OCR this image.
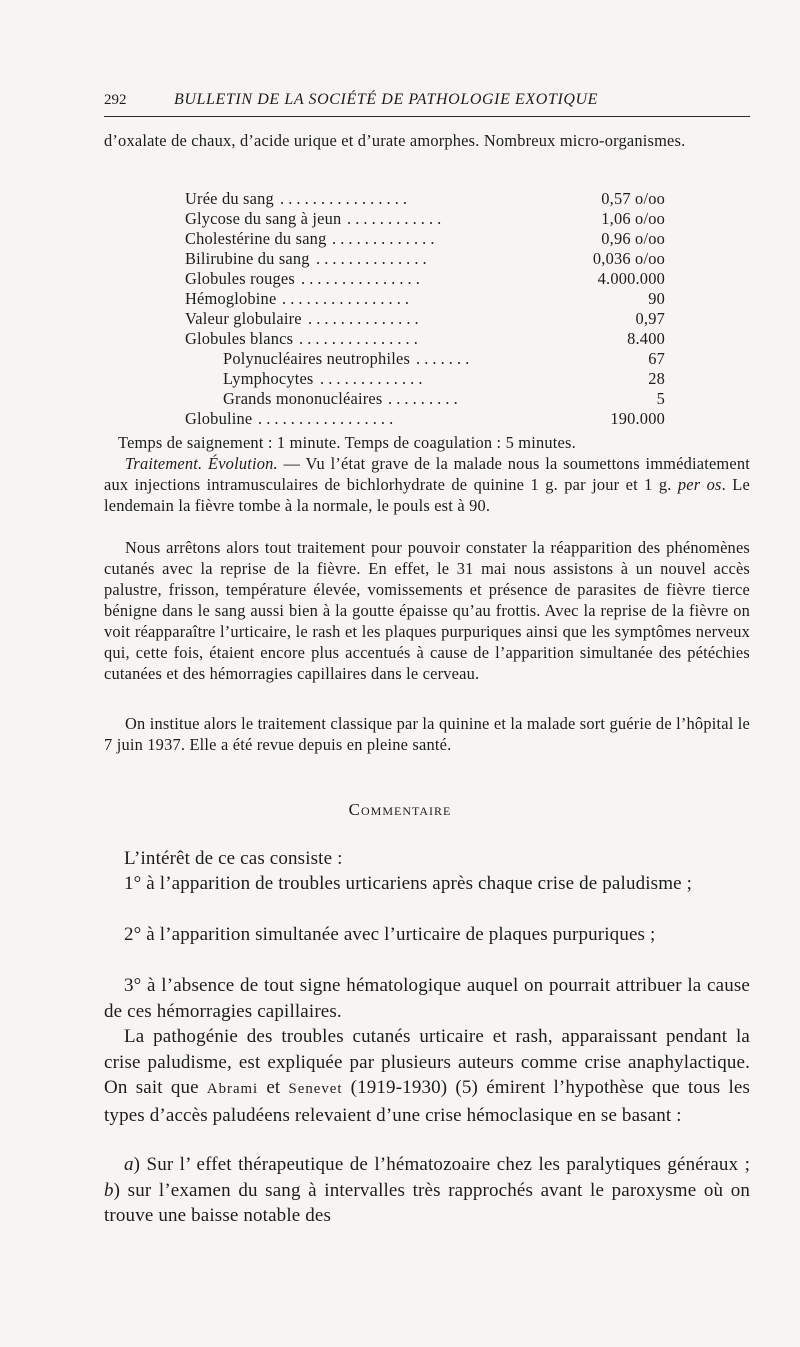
292	BULLETIN DE LA SOCIÉTÉ DE PATHOLOGIE EXOTIQUE

d’oxalate de chaux, d’acide urique et d’urate amorphes. Nombreux micro-organismes.

Urée du sang . . . . . . . . . . . . . . . .	0,57 o/oo
Glycose du sang à jeun . . . . . . . . . . . .	1,06 o/oo
Cholestérine du sang . . . . . . . . . . . . .	0,96 o/oo
Bilirubine du sang . . . . . . . . . . . . . .	0,036 o/oo
Globules rouges . . . . . . . . . . . . . . .	4.000.000
Hémoglobine . . . . . . . . . . . . . . . .	90
Valeur globulaire . . . . . . . . . . . . . .	0,97
Globules blancs . . . . . . . . . . . . . . .	8.400
Polynucléaires neutrophiles . . . . . . .	67
Lymphocytes . . . . . . . . . . . . .	28
Grands mononucléaires . . . . . . . . .	5
Globuline . . . . . . . . . . . . . . . . .	190.000

Temps de saignement : 1 minute. Temps de coagulation : 5 minutes.

Traitement. Évolution. — Vu l’état grave de la malade nous la soumettons immédiatement aux injections intramusculaires de bichlorhydrate de quinine 1 g. par jour et 1 g. per os. Le lendemain la fièvre tombe à la normale, le pouls est à 90.

Nous arrêtons alors tout traitement pour pouvoir constater la réapparition des phénomènes cutanés avec la reprise de la fièvre. En effet, le 31 mai nous assistons à un nouvel accès palustre, frisson, température élevée, vomissements et présence de parasites de fièvre tierce bénigne dans le sang aussi bien à la goutte épaisse qu’au frottis. Avec la reprise de la fièvre on voit réapparaître l’urticaire, le rash et les plaques purpuriques ainsi que les symptômes nerveux qui, cette fois, étaient encore plus accentués à cause de l’apparition simultanée des pétéchies cutanées et des hémorragies capillaires dans le cerveau.

On institue alors le traitement classique par la quinine et la malade sort guérie de l’hôpital le 7 juin 1937. Elle a été revue depuis en pleine santé.

COMMENTAIRE

L’intérêt de ce cas consiste :

1° à l’apparition de troubles urticariens après chaque crise de paludisme ;

2° à l’apparition simultanée avec l’urticaire de plaques purpuriques ;

3° à l’absence de tout signe hématologique auquel on pourrait attribuer la cause de ces hémorragies capillaires.

La pathogénie des troubles cutanés urticaire et rash, apparaissant pendant la crise paludisme, est expliquée par plusieurs auteurs comme crise anaphylactique. On sait que Abrami et Senevet (1919-1930) (5) émirent l’hypothèse que tous les types d’accès paludéens relevaient d’une crise hémoclasique en se basant :

a) Sur l’ effet thérapeutique de l’hématozoaire chez les paralytiques généraux ; b) sur l’examen du sang à intervalles très rapprochés avant le paroxysme où on trouve une baisse notable des
